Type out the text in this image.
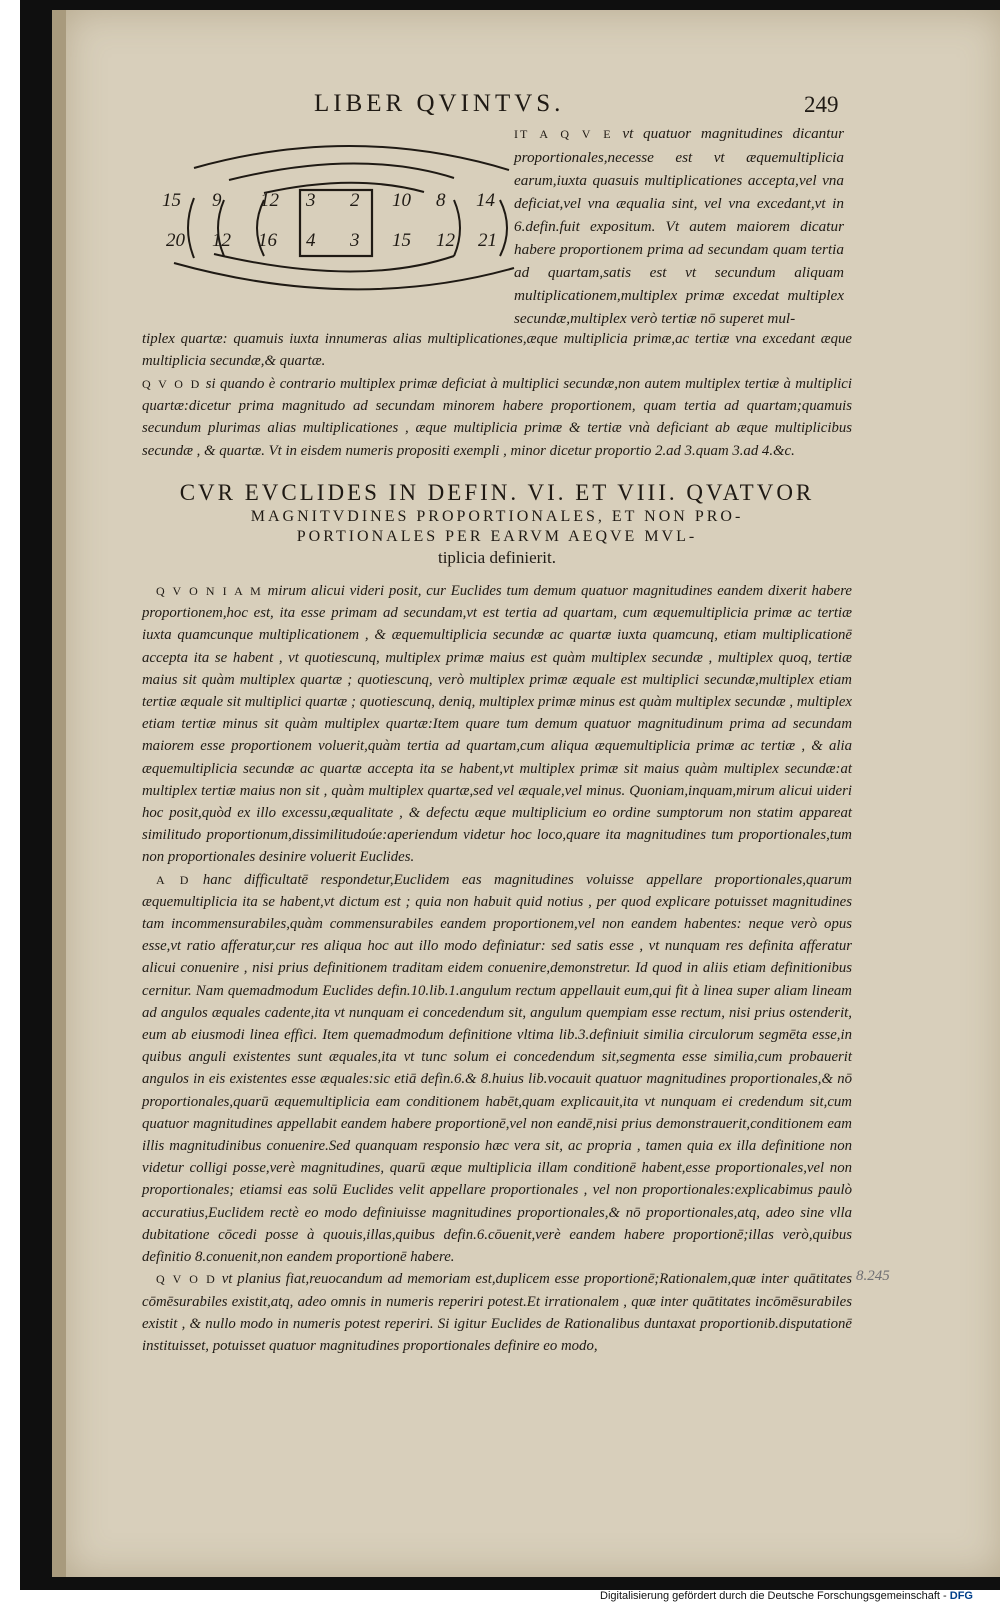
LIBER QVINTVS.	249
15 9 12 3 2 10 8 14
20 12 16 4 3 15 12 21
IT A Q V E vt quatuor magnitudines dicantur proportionales,necesse est vt æquemultiplicia earum,iuxta quasuis multiplicationes accepta,vel vna deficiat,vel vna æqualia sint, vel vna excedant,vt in 6.defin.fuit expositum. Vt autem maiorem dicatur habere proportionem prima ad secundam quam tertia ad quartam,satis est vt secundum aliquam multiplicationem,multiplex primæ excedat multiplex secundæ,multiplex verò tertiæ nō superet mul-
tiplex quartæ: quamuis iuxta innumeras alias multiplicationes,æque multiplicia primæ,ac tertiæ vna excedant æque multiplicia secundæ,& quartæ.
Q V O D si quando è contrario multiplex primæ deficiat à multiplici secundæ,non autem multiplex tertiæ à multiplici quartæ:dicetur prima magnitudo ad secundam minorem habere proportionem, quam tertia ad quartam;quamuis secundum plurimas alias multiplicationes , æque multiplicia primæ & tertiæ vnà deficiant ab æque multiplicibus secundæ , & quartæ. Vt in eisdem numeris propositi exempli , minor dicetur proportio 2.ad 3.quam 3.ad 4.&c.
CVR EVCLIDES IN DEFIN. VI. ET VIII. QVATVOR
MAGNITVDINES PROPORTIONALES, ET NON PRO-
PORTIONALES PER EARVM AEQVE MVL-
tiplicia definierit.

Q V O N I A M mirum alicui videri posit, cur Euclides tum demum quatuor magnitudines eandem dixerit habere proportionem,hoc est, ita esse primam ad secundam,vt est tertia ad quartam, cum æquemultiplicia primæ ac tertiæ iuxta quamcunque multiplicationem , & æquemultiplicia secundæ ac quartæ iuxta quamcunq, etiam multiplicationē accepta ita se habent , vt quotiescunq, multiplex primæ maius est quàm multiplex secundæ , multiplex quoq, tertiæ maius sit quàm multiplex quartæ ; quotiescunq, verò multiplex primæ æquale est multiplici secundæ,multiplex etiam tertiæ æquale sit multiplici quartæ ; quotiescunq, deniq, multiplex primæ minus est quàm multiplex secundæ , multiplex etiam tertiæ minus sit quàm multiplex quartæ:Item quare tum demum quatuor magnitudinum prima ad secundam maiorem esse proportionem voluerit,quàm tertia ad quartam,cum aliqua æquemultiplicia primæ ac tertiæ , & alia æquemultiplicia secundæ ac quartæ accepta ita se habent,vt multiplex primæ sit maius quàm multiplex secundæ:at multiplex tertiæ maius non sit , quàm multiplex quartæ,sed vel æquale,vel minus. Quoniam,inquam,mirum alicui uideri hoc posit,quòd ex illo excessu,æqualitate , & defectu æque multiplicium eo ordine sumptorum non statim appareat similitudo proportionum,dissimilitudoúe:aperiendum videtur hoc loco,quare ita magnitudines tum proportionales,tum non proportionales desinire voluerit Euclides.

A D hanc difficultatē respondetur,Euclidem eas magnitudines voluisse appellare proportionales,quarum æquemultiplicia ita se habent,vt dictum est ; quia non habuit quid notius , per quod explicare potuisset magnitudines tam incommensurabiles,quàm commensurabiles eandem proportionem,vel non eandem habentes: neque verò opus esse,vt ratio afferatur,cur res aliqua hoc aut illo modo definiatur: sed satis esse , vt nunquam res definita afferatur alicui conuenire , nisi prius definitionem traditam eidem conuenire,demonstretur. Id quod in aliis etiam definitionibus cernitur. Nam quemadmodum Euclides defin.10.lib.1.angulum rectum appellauit eum,qui fit à linea super aliam lineam ad angulos æquales cadente,ita vt nunquam ei concedendum sit, angulum quempiam esse rectum, nisi prius ostenderit, eum ab eiusmodi linea effici. Item quemadmodum definitione vltima lib.3.definiuit similia circulorum segmēta esse,in quibus anguli existentes sunt æquales,ita vt tunc solum ei concedendum sit,segmenta esse similia,cum probauerit angulos in eis existentes esse æquales:sic etiā defin.6.& 8.huius lib.vocauit quatuor magnitudines proportionales,& nō proportionales,quarū æquemultiplicia eam conditionem habēt,quam explicauit,ita vt nunquam ei credendum sit,cum quatuor magnitudines appellabit eandem habere proportionē,vel non eandē,nisi prius demonstrauerit,conditionem eam illis magnitudinibus conuenire.Sed quanquam responsio hæc vera sit, ac propria , tamen quia ex illa definitione non videtur colligi posse,verè magnitudines, quarū æque multiplicia illam conditionē habent,esse proportionales,vel non proportionales; etiamsi eas solū Euclides velit appellare proportionales , vel non proportionales:explicabimus paulò accuratius,Euclidem rectè eo modo definiuisse magnitudines proportionales,& nō proportionales,atq, adeo sine vlla dubitatione cōcedi posse à quouis,illas,quibus defin.6.cōuenit,verè eandem habere proportionē;illas verò,quibus definitio 8.conuenit,non eandem proportionē habere.

Q V O D vt planius fiat,reuocandum ad memoriam est,duplicem esse proportionē;Rationalem,quæ inter quātitates cōmēsurabiles existit,atq, adeo omnis in numeris reperiri potest.Et irrationalem , quæ inter quātitates incōmēsurabiles existit , & nullo modo in numeris potest reperiri. Si igitur Euclides de Rationalibus duntaxat proportionib.disputationē instituisset, potuisset quatuor magnitudines proportionales definire eo modo,

8.245
Digitalisierung gefördert durch die Deutsche Forschungsgemeinschaft - DFG
